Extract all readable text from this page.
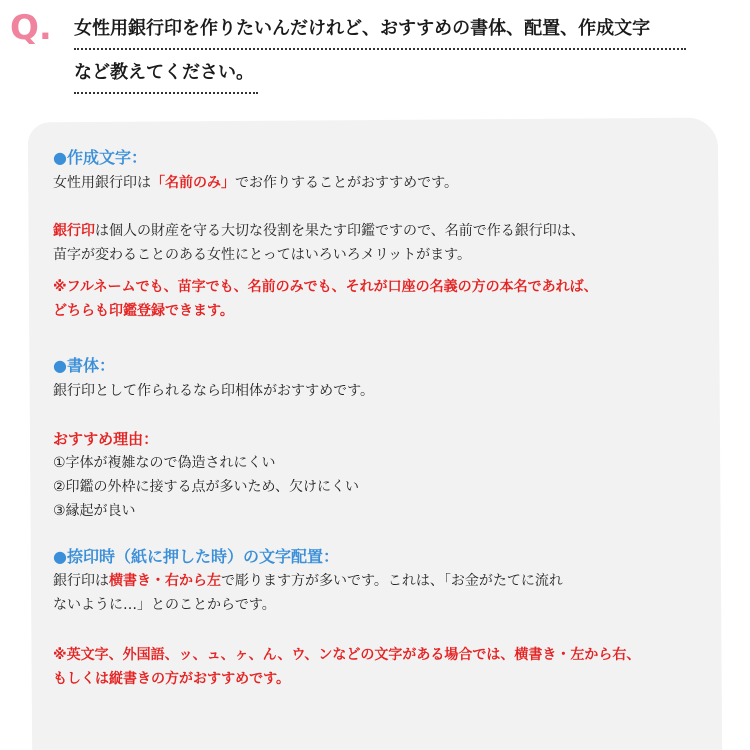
Q. 女性用銀行印を作りたいんだけれど、おすすめの書体、配置、作成文字
など教えてください。
●作成文字：
女性用銀行印は「名前のみ」でお作りすることがおすすめです。
銀行印は個人の財産を守る大切な役割を果たす印鑑ですので、名前で作る銀行印は、
苗字が変わることのある女性にとってはいろいろメリットがます。
※フルネームでも、苗字でも、名前のみでも、それが口座の名義の方の本名であれば、
どちらも印鑑登録できます。
●書体：
銀行印として作られるなら印相体がおすすめです。
おすすめ理由：
①字体が複雑なので偽造されにくい
②印鑑の外枠に接する点が多いため、欠けにくい
③縁起が良い
●捺印時（紙に押した時）の文字配置：
銀行印は横書き・右から左で彫ります方が多いです。これは、「お金がたてに流れ
ないように…」とのことからです。
※英文字、外国語、ッ、ュ、ヶ、ん、ウ、ンなどの文字がある場合では、横書き・左から右、
もしくは縦書きの方がおすすめです。
